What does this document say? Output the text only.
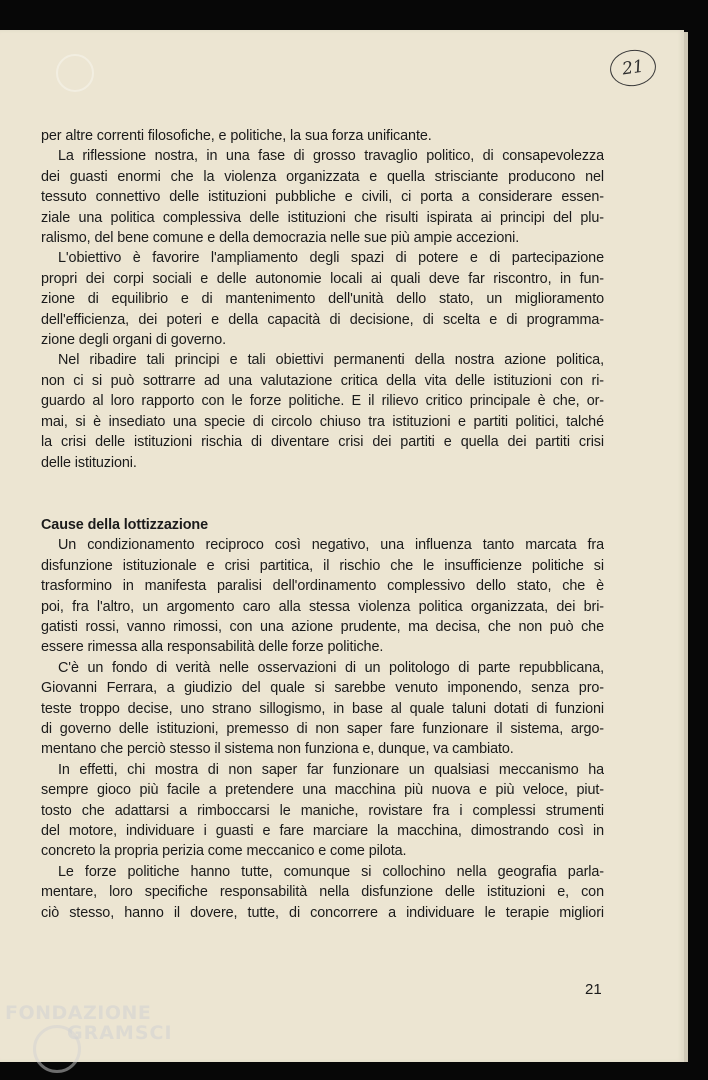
21
per altre correnti filosofiche, e politiche, la sua forza unificante.
La riflessione nostra, in una fase di grosso travaglio politico, di consapevolezza
dei guasti enormi che la violenza organizzata e quella strisciante producono nel
tessuto connettivo delle istituzioni pubbliche e civili, ci porta a considerare essen-
ziale una politica complessiva delle istituzioni che risulti ispirata ai principi del plu-
ralismo, del bene comune e della democrazia nelle sue più ampie accezioni.
L'obiettivo è favorire l'ampliamento degli spazi di potere e di partecipazione
propri dei corpi sociali e delle autonomie locali ai quali deve far riscontro, in fun-
zione di equilibrio e di mantenimento dell'unità dello stato, un miglioramento
dell'efficienza, dei poteri e della capacità di decisione, di scelta e di programma-
zione degli organi di governo.
Nel ribadire tali principi e tali obiettivi permanenti della nostra azione politica,
non ci si può sottrarre ad una valutazione critica della vita delle istituzioni con ri-
guardo al loro rapporto con le forze politiche. E il rilievo critico principale è che, or-
mai, si è insediato una specie di circolo chiuso tra istituzioni e partiti politici, talché
la crisi delle istituzioni rischia di diventare crisi dei partiti e quella dei partiti crisi
delle istituzioni.
Cause della lottizzazione
Un condizionamento reciproco così negativo, una influenza tanto marcata fra
disfunzione istituzionale e crisi partitica, il rischio che le insufficienze politiche si
trasformino in manifesta paralisi dell'ordinamento complessivo dello stato, che è
poi, fra l'altro, un argomento caro alla stessa violenza politica organizzata, dei bri-
gatisti rossi, vanno rimossi, con una azione prudente, ma decisa, che non può che
essere rimessa alla responsabilità delle forze politiche.
C'è un fondo di verità nelle osservazioni di un politologo di parte repubblicana,
Giovanni Ferrara, a giudizio del quale si sarebbe venuto imponendo, senza pro-
teste troppo decise, uno strano sillogismo, in base al quale taluni dotati di funzioni
di governo delle istituzioni, premesso di non saper fare funzionare il sistema, argo-
mentano che perciò stesso il sistema non funziona e, dunque, va cambiato.
In effetti, chi mostra di non saper far funzionare un qualsiasi meccanismo ha
sempre gioco più facile a pretendere una macchina più nuova e più veloce, piut-
tosto che adattarsi a rimboccarsi le maniche, rovistare fra i complessi strumenti
del motore, individuare i guasti e fare marciare la macchina, dimostrando così in
concreto la propria perizia come meccanico e come pilota.
Le forze politiche hanno tutte, comunque si collochino nella geografia parla-
mentare, loro specifiche responsabilità nella disfunzione delle istituzioni e, con
ciò stesso, hanno il dovere, tutte, di concorrere a individuare le terapie migliori
21
FONDAZIONE
GRAMSCI
